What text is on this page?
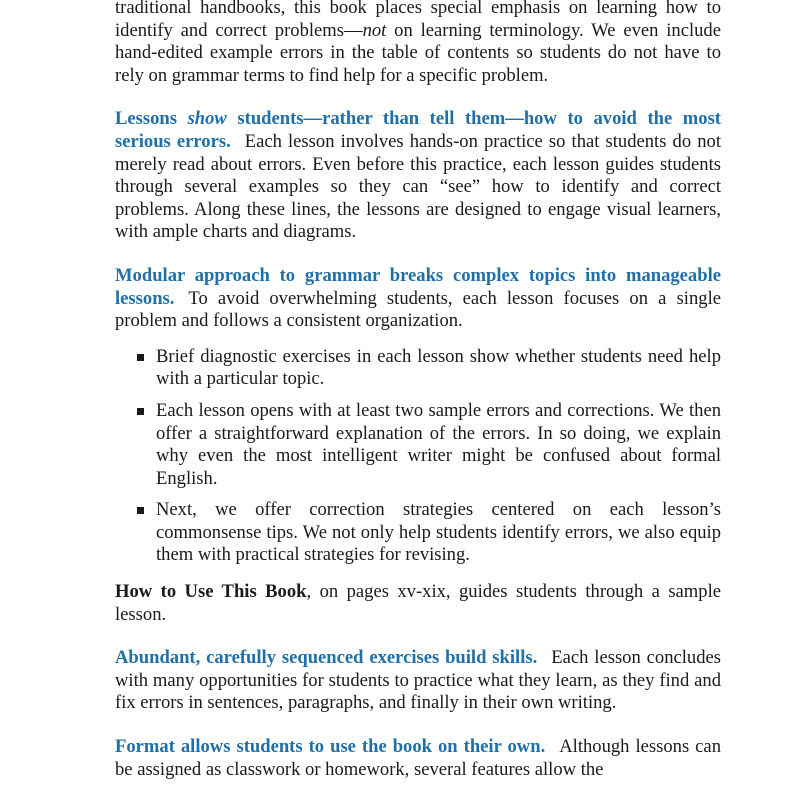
traditional handbooks, this book places special emphasis on learning how to identify and correct problems—not on learning terminology. We even include hand-edited example errors in the table of contents so students do not have to rely on grammar terms to find help for a specific problem.

Lessons show students—rather than tell them—how to avoid the most serious errors. Each lesson involves hands-on practice so that students do not merely read about errors. Even before this practice, each lesson guides students through several examples so they can “see” how to identify and correct problems. Along these lines, the lessons are designed to engage visual learners, with ample charts and diagrams.

Modular approach to grammar breaks complex topics into manageable lessons. To avoid overwhelming students, each lesson focuses on a single problem and follows a consistent organization.

Brief diagnostic exercises in each lesson show whether students need help with a particular topic.
Each lesson opens with at least two sample errors and corrections. We then offer a straightforward explanation of the errors. In so doing, we explain why even the most intelligent writer might be confused about formal English.
Next, we offer correction strategies centered on each lesson’s commonsense tips. We not only help students identify errors, we also equip them with practical strategies for revising.

How to Use This Book, on pages xv-xix, guides students through a sample lesson.

Abundant, carefully sequenced exercises build skills. Each lesson concludes with many opportunities for students to practice what they learn, as they find and fix errors in sentences, paragraphs, and finally in their own writing.

Format allows students to use the book on their own. Although lessons can be assigned as classwork or homework, several features allow the
